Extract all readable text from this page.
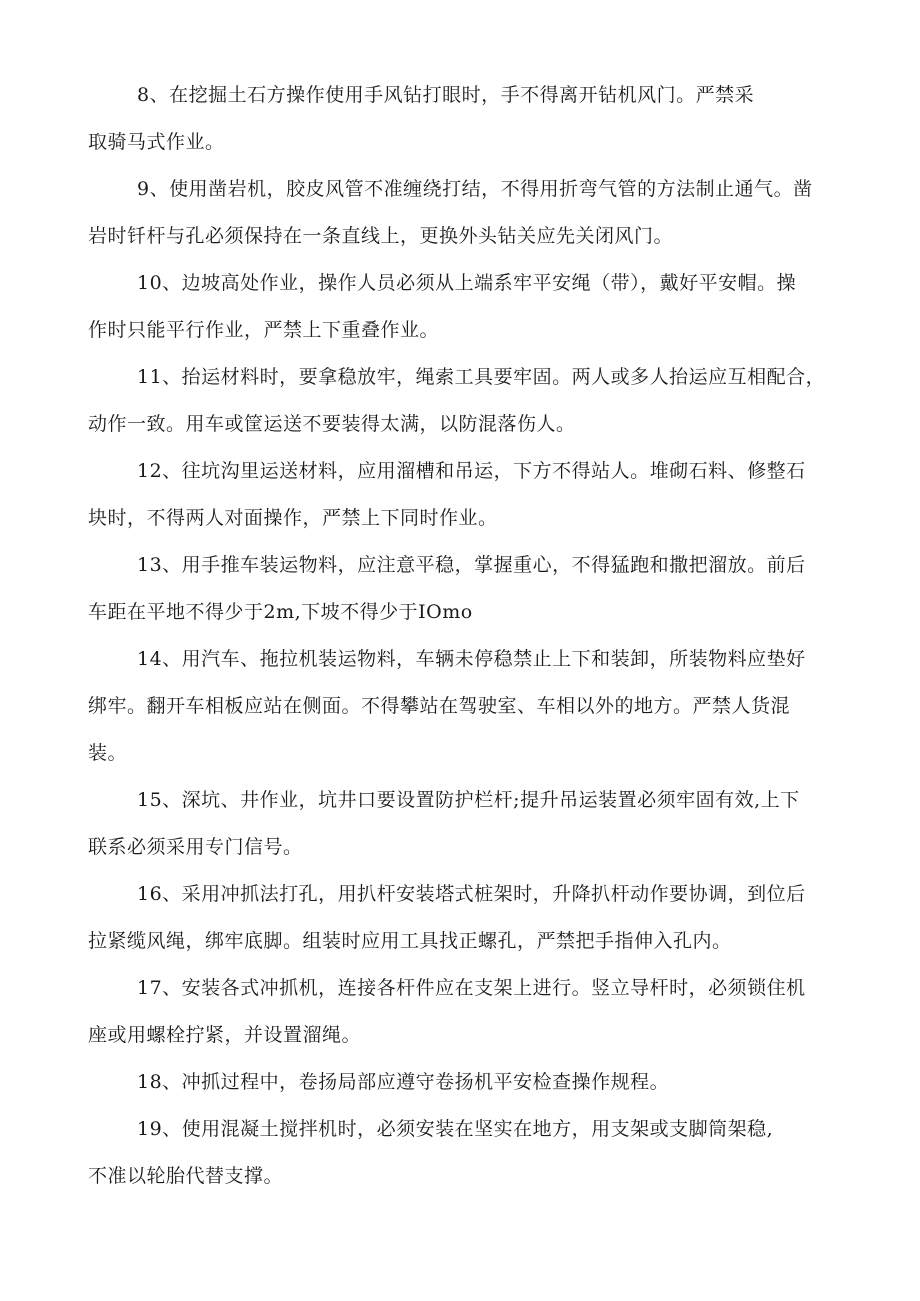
8、在挖掘土石方操作使用手风钻打眼时，手不得离开钻机风门。严禁采
取骑马式作业。

9、使用凿岩机，胶皮风管不准缠绕打结，不得用折弯气管的方法制止通气。凿
岩时钎杆与孔必须保持在一条直线上，更换外头钻关应先关闭风门。

10、边坡高处作业，操作人员必须从上端系牢平安绳（带），戴好平安帽。操
作时只能平行作业，严禁上下重叠作业。

11、抬运材料时，要拿稳放牢，绳索工具要牢固。两人或多人抬运应互相配合，
动作一致。用车或筐运送不要装得太满，以防混落伤人。

12、往坑沟里运送材料，应用溜槽和吊运，下方不得站人。堆砌石料、修整石
块时，不得两人对面操作，严禁上下同时作业。

13、用手推车装运物料，应注意平稳，掌握重心，不得猛跑和撒把溜放。前后
车距在平地不得少于2m,下坡不得少于IOmo

14、用汽车、拖拉机装运物料，车辆未停稳禁止上下和装卸，所装物料应垫好
绑牢。翻开车相板应站在侧面。不得攀站在驾驶室、车相以外的地方。严禁人货混
装。

15、深坑、井作业，坑井口要设置防护栏杆;提升吊运装置必须牢固有效,上下
联系必须采用专门信号。

16、采用冲抓法打孔，用扒杆安装塔式桩架时，升降扒杆动作要协调，到位后
拉紧缆风绳，绑牢底脚。组装时应用工具找正螺孔，严禁把手指伸入孔内。

17、安装各式冲抓机，连接各杆件应在支架上进行。竖立导杆时，必须锁住机
座或用螺栓拧紧，并设置溜绳。

18、冲抓过程中，卷扬局部应遵守卷扬机平安检查操作规程。

19、使用混凝土搅拌机时，必须安装在坚实在地方，用支架或支脚筒架稳,
不准以轮胎代替支撑。
